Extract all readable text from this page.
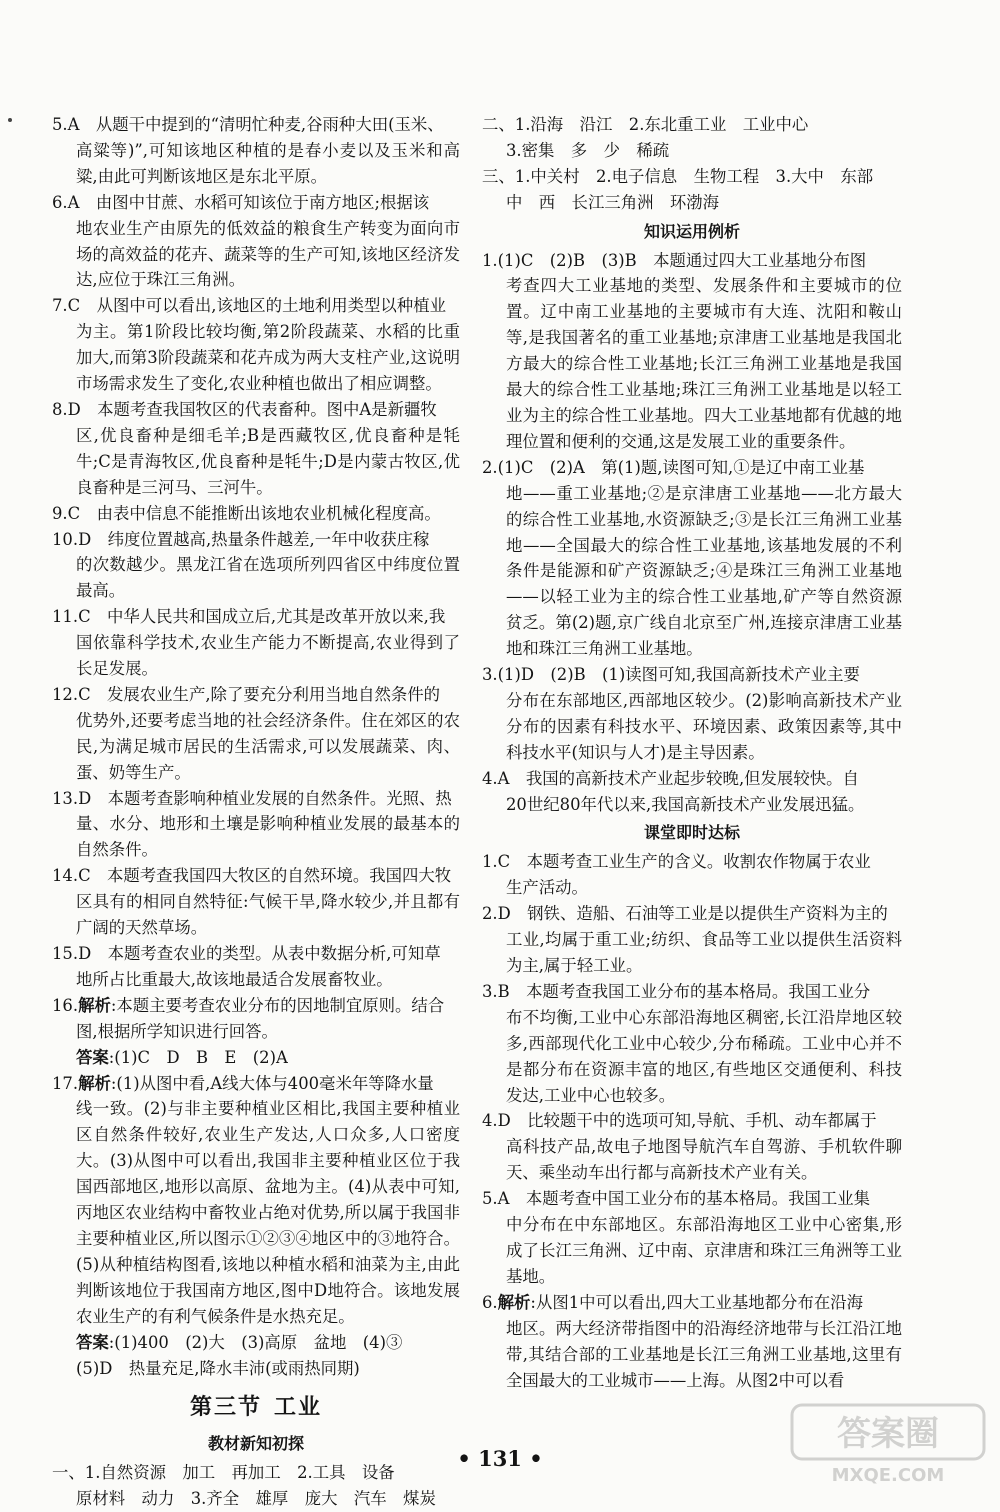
5.A　从题干中提到的“清明忙种麦,谷雨种大田(玉米、
高粱等)”,可知该地区种植的是春小麦以及玉米和高粱,由此可判断该地区是东北平原。
6.A　由图中甘蔗、水稻可知该位于南方地区;根据该
地农业生产由原先的低效益的粮食生产转变为面向市场的高效益的花卉、蔬菜等的生产可知,该地区经济发达,应位于珠江三角洲。
7.C　从图中可以看出,该地区的土地利用类型以种植业
为主。第1阶段比较均衡,第2阶段蔬菜、水稻的比重加大,而第3阶段蔬菜和花卉成为两大支柱产业,这说明市场需求发生了变化,农业种植也做出了相应调整。
8.D　本题考查我国牧区的代表畜种。图中A是新疆牧
区,优良畜种是细毛羊;B是西藏牧区,优良畜种是牦牛;C是青海牧区,优良畜种是牦牛;D是内蒙古牧区,优良畜种是三河马、三河牛。
9.C　由表中信息不能推断出该地农业机械化程度高。
10.D　纬度位置越高,热量条件越差,一年中收获庄稼
的次数越少。黑龙江省在选项所列四省区中纬度位置最高。
11.C　中华人民共和国成立后,尤其是改革开放以来,我
国依靠科学技术,农业生产能力不断提高,农业得到了长足发展。
12.C　发展农业生产,除了要充分利用当地自然条件的
优势外,还要考虑当地的社会经济条件。住在郊区的农民,为满足城市居民的生活需求,可以发展蔬菜、肉、蛋、奶等生产。
13.D　本题考查影响种植业发展的自然条件。光照、热
量、水分、地形和土壤是影响种植业发展的最基本的自然条件。
14.C　本题考查我国四大牧区的自然环境。我国四大牧
区具有的相同自然特征:气候干旱,降水较少,并且都有广阔的天然草场。
15.D　本题考查农业的类型。从表中数据分析,可知草
地所占比重最大,故该地最适合发展畜牧业。
16.解析:本题主要考查农业分布的因地制宜原则。结合
图,根据所学知识进行回答。
答案:(1)C　D　B　E　(2)A
17.解析:(1)从图中看,A线大体与400毫米年等降水量
线一致。(2)与非主要种植业区相比,我国主要种植业区自然条件较好,农业生产发达,人口众多,人口密度大。(3)从图中可以看出,我国非主要种植业区位于我国西部地区,地形以高原、盆地为主。(4)从表中可知,丙地区农业结构中畜牧业占绝对优势,所以属于我国非主要种植业区,所以图示①②③④地区中的③地符合。(5)从种植结构图看,该地以种植水稻和油菜为主,由此判断该地位于我国南方地区,图中D地符合。该地发展农业生产的有利气候条件是水热充足。
答案:(1)400　(2)大　(3)高原　盆地　(4)③
(5)D　热量充足,降水丰沛(或雨热同期)
第三节 工业
教材新知初探
一、1.自然资源　加工　再加工　2.工具　设备
原材料　动力　3.齐全　雄厚　庞大　汽车　煤炭
二、1.沿海　沿江　2.东北重工业　工业中心
3.密集　多　少　稀疏
三、1.中关村　2.电子信息　生物工程　3.大中　东部
中　西　长江三角洲　环渤海
知识运用例析
1.(1)C　(2)B　(3)B　本题通过四大工业基地分布图
考查四大工业基地的类型、发展条件和主要城市的位置。辽中南工业基地的主要城市有大连、沈阳和鞍山等,是我国著名的重工业基地;京津唐工业基地是我国北方最大的综合性工业基地;长江三角洲工业基地是我国最大的综合性工业基地;珠江三角洲工业基地是以轻工业为主的综合性工业基地。四大工业基地都有优越的地理位置和便利的交通,这是发展工业的重要条件。
2.(1)C　(2)A　第(1)题,读图可知,①是辽中南工业基
地——重工业基地;②是京津唐工业基地——北方最大的综合性工业基地,水资源缺乏;③是长江三角洲工业基地——全国最大的综合性工业基地,该基地发展的不利条件是能源和矿产资源缺乏;④是珠江三角洲工业基地——以轻工业为主的综合性工业基地,矿产等自然资源贫乏。第(2)题,京广线自北京至广州,连接京津唐工业基地和珠江三角洲工业基地。
3.(1)D　(2)B　(1)读图可知,我国高新技术产业主要
分布在东部地区,西部地区较少。(2)影响高新技术产业分布的因素有科技水平、环境因素、政策因素等,其中科技水平(知识与人才)是主导因素。
4.A　我国的高新技术产业起步较晚,但发展较快。自
20世纪80年代以来,我国高新技术产业发展迅猛。
课堂即时达标
1.C　本题考查工业生产的含义。收割农作物属于农业
生产活动。
2.D　钢铁、造船、石油等工业是以提供生产资料为主的
工业,均属于重工业;纺织、食品等工业以提供生活资料为主,属于轻工业。
3.B　本题考查我国工业分布的基本格局。我国工业分
布不均衡,工业中心东部沿海地区稠密,长江沿岸地区较多,西部现代化工业中心较少,分布稀疏。工业中心并不是都分布在资源丰富的地区,有些地区交通便利、科技发达,工业中心也较多。
4.D　比较题干中的选项可知,导航、手机、动车都属于
高科技产品,故电子地图导航汽车自驾游、手机软件聊天、乘坐动车出行都与高新技术产业有关。
5.A　本题考查中国工业分布的基本格局。我国工业集
中分布在中东部地区。东部沿海地区工业中心密集,形成了长江三角洲、辽中南、京津唐和珠江三角洲等工业基地。
6.解析:从图1中可以看出,四大工业基地都分布在沿海
地区。两大经济带指图中的沿海经济地带与长江沿江地带,其结合部的工业基地是长江三角洲工业基地,这里有全国最大的工业城市——上海。从图2中可以看
• 131 •
答案圈
MXQE.COM
